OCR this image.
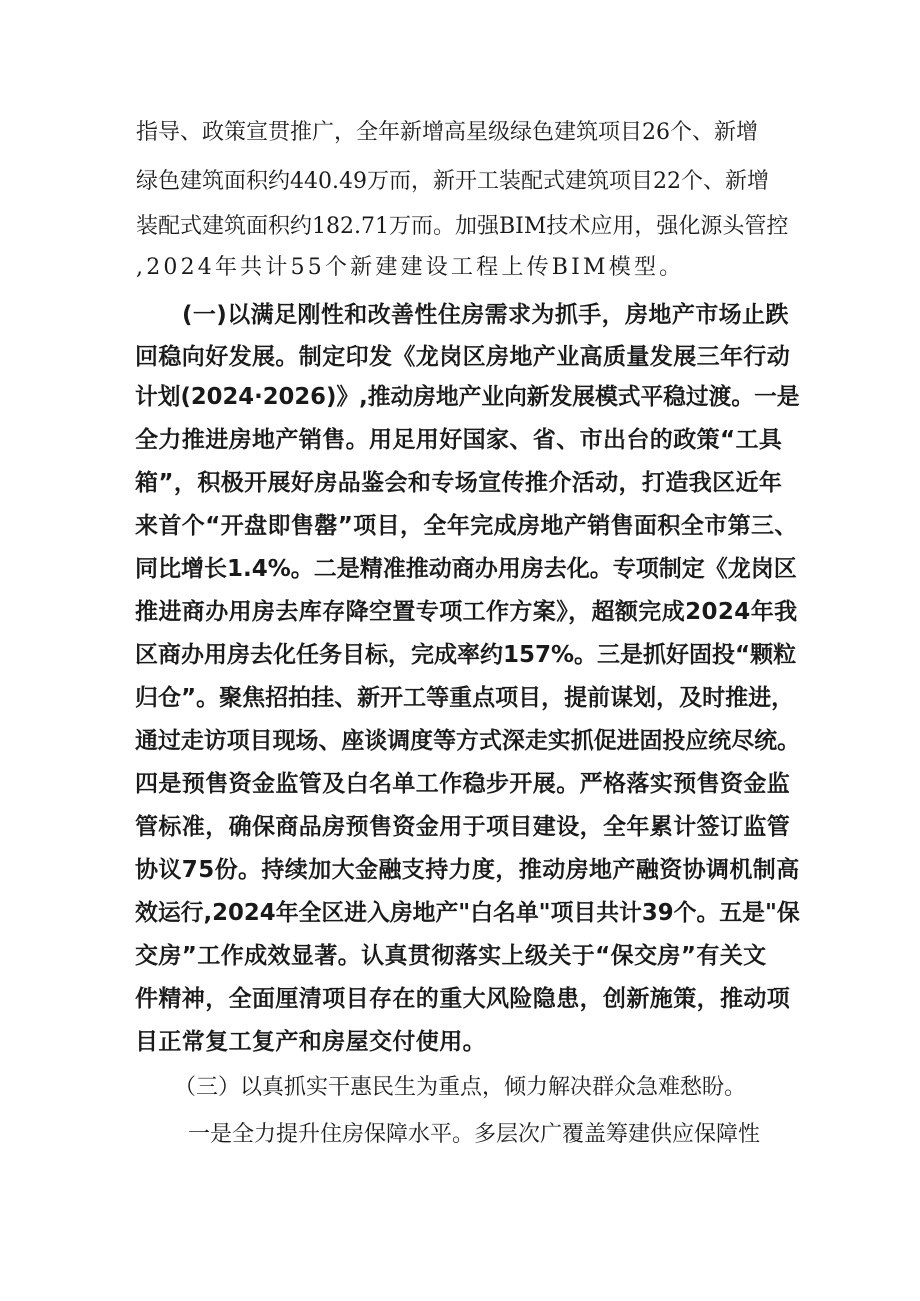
指导、政策宣贯推广，全年新增高星级绿色建筑项目26个、新增
绿色建筑面积约440.49万而，新开工装配式建筑项目22个、新增
装配式建筑面积约182.71万而。加强BIM技术应用，强化源头管控
,2024年共计55个新建建设工程上传BIM模型。
(一)以满足刚性和改善性住房需求为抓手，房地产市场止跌
回稳向好发展。制定印发《龙岗区房地产业高质量发展三年行动
计划(2024·2026)》,推动房地产业向新发展模式平稳过渡。一是
全力推进房地产销售。用足用好国家、省、市出台的政策“工具
箱”，积极开展好房品鉴会和专场宣传推介活动，打造我区近年
来首个“开盘即售罄”项目，全年完成房地产销售面积全市第三、
同比增长1.4%。二是精准推动商办用房去化。专项制定《龙岗区
推进商办用房去库存降空置专项工作方案》，超额完成2024年我
区商办用房去化任务目标，完成率约157%。三是抓好固投“颗粒
归仓”。聚焦招拍挂、新开工等重点项目，提前谋划，及时推进，
通过走访项目现场、座谈调度等方式深走实抓促进固投应统尽统。
四是预售资金监管及白名单工作稳步开展。严格落实预售资金监
管标准，确保商品房预售资金用于项目建设，全年累计签订监管
协议75份。持续加大金融支持力度，推动房地产融资协调机制高
效运行,2024年全区进入房地产"白名单"项目共计39个。五是"保
交房”工作成效显著。认真贯彻落实上级关于“保交房”有关文
件精神，全面厘清项目存在的重大风险隐患，创新施策，推动项
目正常复工复产和房屋交付使用。
（三）以真抓实干惠民生为重点，倾力解决群众急难愁盼。
一是全力提升住房保障水平。多层次广覆盖筹建供应保障性
